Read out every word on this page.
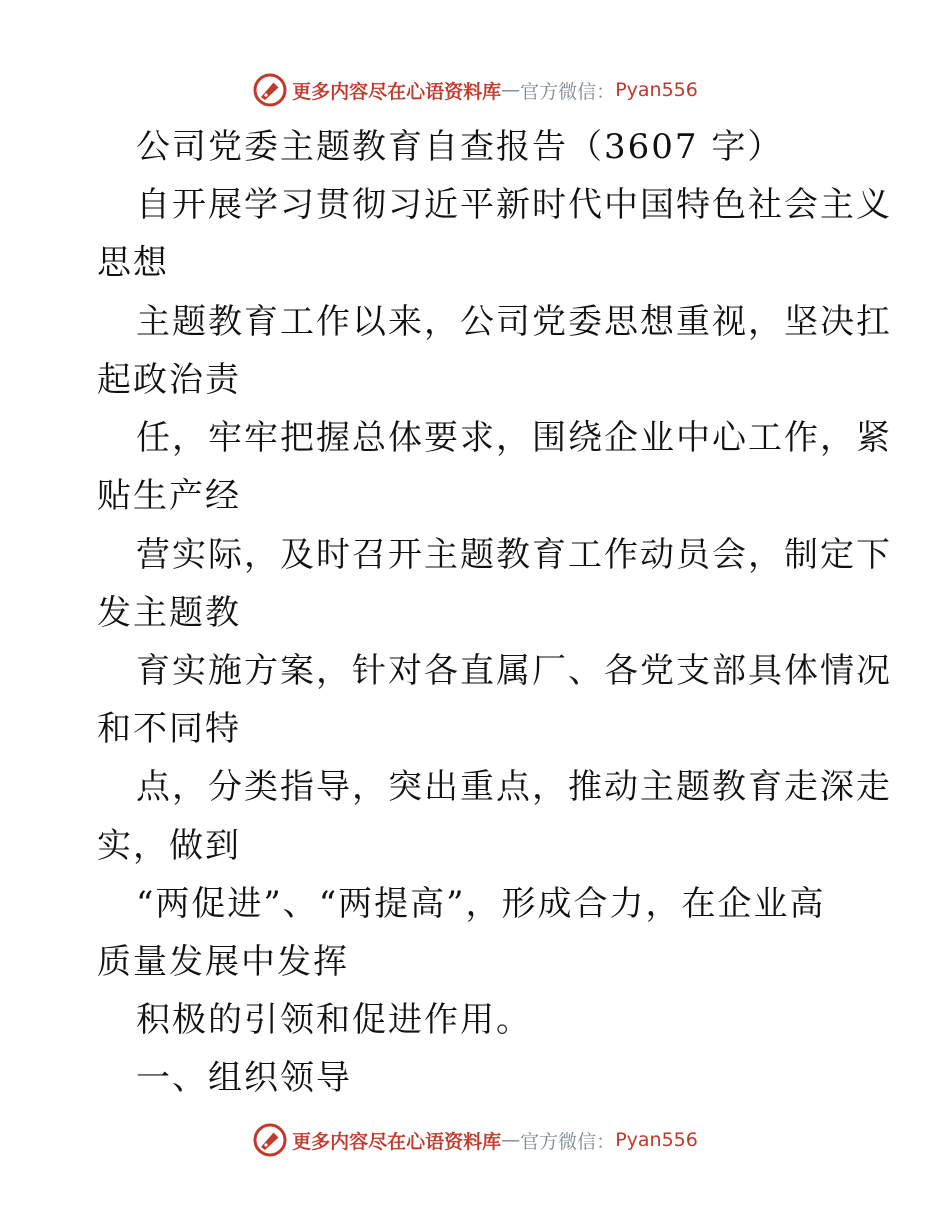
更多内容尽在心语资料库 — 官方微信： Pyan556
公司党委主题教育自查报告（3607 字）
自开展学习贯彻习近平新时代中国特色社会主义
思想
主题教育工作以来，公司党委思想重视，坚决扛
起政治责
任，牢牢把握总体要求，围绕企业中心工作，紧
贴生产经
营实际，及时召开主题教育工作动员会，制定下
发主题教
育实施方案，针对各直属厂、各党支部具体情况
和不同特
点，分类指导，突出重点，推动主题教育走深走
实，做到
“两促进”、“两提高”，形成合力，在企业高
质量发展中发挥
积极的引领和促进作用。
一、组织领导
更多内容尽在心语资料库 — 官方微信： Pyan556
